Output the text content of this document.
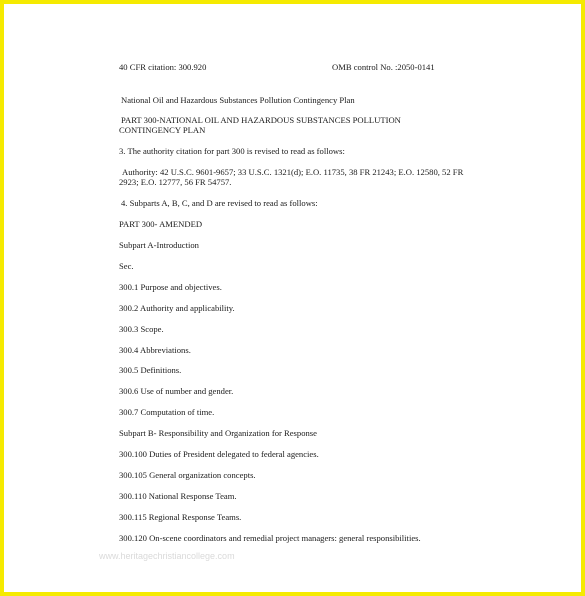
40 CFR citation: 300.920	OMB control No. :2050-0141
National Oil and Hazardous Substances Pollution Contingency Plan
PART 300-NATIONAL OIL AND HAZARDOUS SUBSTANCES POLLUTION
CONTINGENCY PLAN
3. The authority citation for part 300 is revised to read as follows:
Authority: 42 U.S.C. 9601-9657; 33 U.S.C. 1321(d); E.O. 11735, 38 FR 21243; E.O. 12580, 52 FR
2923; E.O. 12777, 56 FR 54757.
4. Subparts A, B, C, and D are revised to read as follows:
PART 300- AMENDED
Subpart A-Introduction
Sec.
300.1 Purpose and objectives.
300.2 Authority and applicability.
300.3 Scope.
300.4 Abbreviations.
300.5 Definitions.
300.6 Use of number and gender.
300.7 Computation of time.
Subpart B- Responsibility and Organization for Response
300.100 Duties of President delegated to federal agencies.
300.105 General organization concepts.
300.110 National Response Team.
300.115 Regional Response Teams.
300.120 On-scene coordinators and remedial project managers: general responsibilities.
www.heritagechristiancollege.com
